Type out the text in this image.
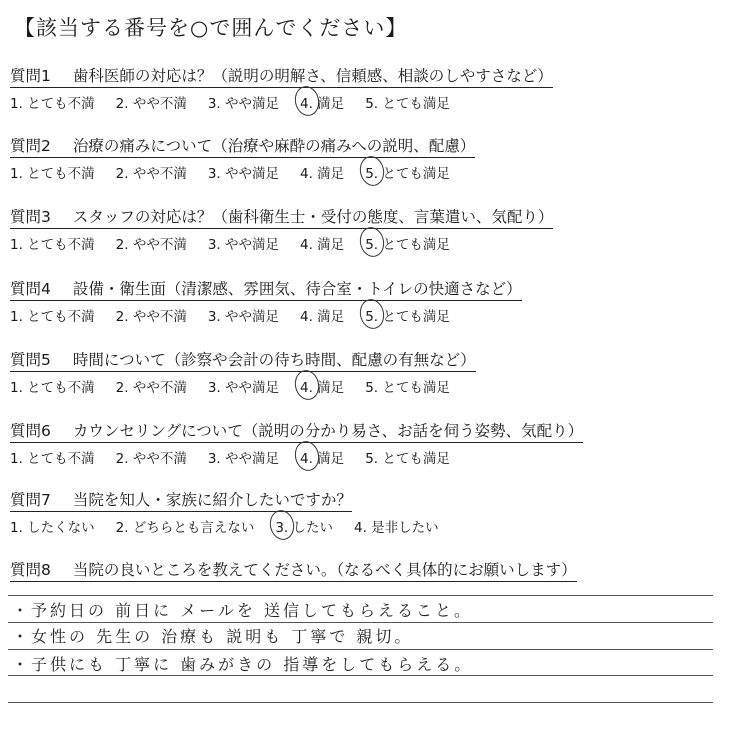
【該当する番号を○で囲んでください】
質問1 歯科医師の対応は？（説明の明解さ、信頼感、相談のしやすさなど）
1. とても不満 2. やや不満 3. やや満足 4. 満足 5. とても満足
質問2 治療の痛みについて（治療や麻酔の痛みへの説明、配慮）
1. とても不満 2. やや不満 3. やや満足 4. 満足 5. とても満足
質問3 スタッフの対応は？（歯科衛生士・受付の態度、言葉遣い、気配り）
1. とても不満 2. やや不満 3. やや満足 4. 満足 5. とても満足
質問4 設備・衛生面（清潔感、雰囲気、待合室・トイレの快適さなど）
1. とても不満 2. やや不満 3. やや満足 4. 満足 5. とても満足
質問5 時間について（診察や会計の待ち時間、配慮の有無など）
1. とても不満 2. やや不満 3. やや満足 4. 満足 5. とても満足
質問6 カウンセリングについて（説明の分かり易さ、お話を伺う姿勢、気配り）
1. とても不満 2. やや不満 3. やや満足 4. 満足 5. とても満足
質問7 当院を知人・家族に紹介したいですか？
1. したくない 2. どちらとも言えない 3. したい 4. 是非したい
質問8 当院の良いところを教えてください。（なるべく具体的にお願いします）
・予約日の 前日に メールを 送信してもらえること。
・女性の 先生の 治療も 説明も 丁寧で 親切。
・子供にも 丁寧に 歯みがきの 指導をしてもらえる。
